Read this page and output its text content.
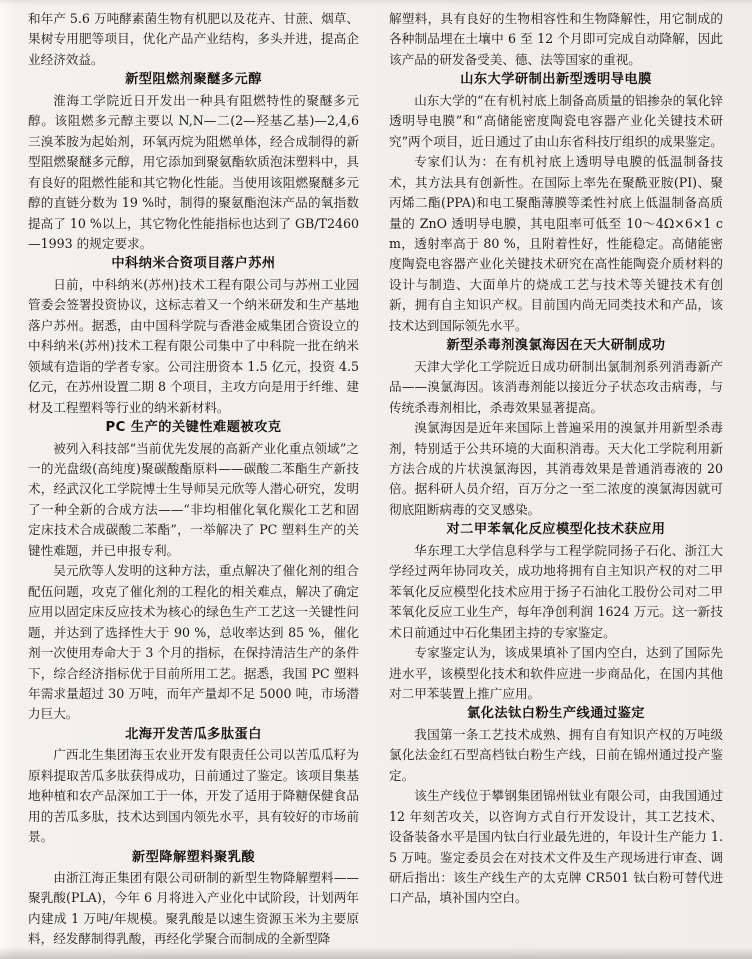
和年产 5.6 万吨酵素菌生物有机肥以及花卉、甘蔗、烟草、果树专用肥等项目，优化产品产业结构，多头并进，提高企业经济效益。

新型阻燃剂聚醚多元醇

淮海工学院近日开发出一种具有阻燃特性的聚醚多元醇。该阻燃多元醇主要以 N,N—二(2—羟基乙基)—2,4,6 三溴苯胺为起始剂，环氧丙烷为阻燃单体，经合成制得的新型阻燃聚醚多元醇，用它添加到聚氨酯软质泡沫塑料中，具有良好的阻燃性能和其它物化性能。当使用该阻燃聚醚多元醇的直链分数为 19 %时，制得的聚氨酯泡沫产品的氧指数提高了 10 %以上，其它物化性能指标也达到了 GB/T2460—1993 的规定要求。

中科纳米合资项目落户苏州

日前，中科纳米(苏州)技术工程有限公司与苏州工业园管委会签署投资协议，这标志着又一个纳米研发和生产基地落户苏州。据悉，由中国科学院与香港金威集团合资设立的中科纳米(苏州)技术工程有限公司集中了中科院一批在纳米领域有造诣的学者专家。公司注册资本 1.5 亿元，投资 4.5 亿元，在苏州设置二期 8 个项目，主攻方向是用于纤维、建材及工程塑料等行业的纳米新材料。

PC 生产的关键性难题被攻克

被列入科技部“当前优先发展的高新产业化重点领域”之一的光盘级(高纯度)聚碳酸酯原料——碳酸二苯酯生产新技术，经武汉化工学院博士生导师吴元欣等人潜心研究，发明了一种全新的合成方法——“非均相催化氧化羰化工艺和固定床技术合成碳酸二苯酯”，一举解决了 PC 塑料生产的关键性难题，并已申报专利。

吴元欣等人发明的这种方法，重点解决了催化剂的组合配伍问题，攻克了催化剂的工程化的相关难点，解决了确定应用以固定床反应技术为核心的绿色生产工艺这一关键性问题，并达到了选择性大于 90 %，总收率达到 85 %，催化剂一次使用寿命大于 3 个月的指标，在保持清洁生产的条件下，综合经济指标优于目前所用工艺。据悉，我国 PC 塑料年需求量超过 30 万吨，而年产量却不足 5000 吨，市场潜力巨大。

北海开发苦瓜多肽蛋白

广西北生集团海玉农业开发有限责任公司以苦瓜瓜籽为原料提取苦瓜多肽获得成功，日前通过了鉴定。该项目集基地种植和农产品深加工于一体，开发了适用于降糖保健食品用的苦瓜多肽，技术达到国内领先水平，具有较好的市场前景。

新型降解塑料聚乳酸

由浙江海正集团有限公司研制的新型生物降解塑料——聚乳酸(PLA)，今年 6 月将进入产业化中试阶段，计划两年内建成 1 万吨/年规模。聚乳酸是以速生资源玉米为主要原料，经发酵制得乳酸，再经化学聚合而制成的全新型降

解塑料，具有良好的生物相容性和生物降解性，用它制成的各种制品埋在土壤中 6 至 12 个月即可完成自动降解，因此该产品的研发备受美、德、法等国家的重视。

山东大学研制出新型透明导电膜

山东大学的“在有机衬底上制备高质量的铝掺杂的氧化锌透明导电膜”和“高储能密度陶瓷电容器产业化关键技术研究”两个项目，近日通过了由山东省科技厅组织的成果鉴定。

专家们认为：在有机衬底上透明导电膜的低温制备技术，其方法具有创新性。在国际上率先在聚酰亚胺(PI)、聚丙烯二酯(PPA)和电工聚酯薄膜等柔性衬底上低温制备高质量的 ZnO 透明导电膜，其电阻率可低至 10～4Ω×6×1 cm，透射率高于 80 %，且附着性好，性能稳定。高储能密度陶瓷电容器产业化关键技术研究在高性能陶瓷介质材料的设计与制造、大面单片的烧成工艺与技术等关键技术有创新，拥有自主知识产权。目前国内尚无同类技术和产品，该技术达到国际领先水平。

新型杀毒剂溴氯海因在天大研制成功

天津大学化工学院近日成功研制出氯制剂系列消毒新产品——溴氯海因。该消毒剂能以接近分子状态攻击病毒，与传统杀毒剂相比，杀毒效果显著提高。

溴氯海因是近年来国际上普遍采用的溴氯并用新型杀毒剂，特别适于公共环境的大面积消毒。天大化工学院利用新方法合成的片状溴氯海因，其消毒效果是普通消毒液的 20 倍。据科研人员介绍，百万分之一至二浓度的溴氯海因就可彻底阻断病毒的交叉感染。

对二甲苯氧化反应模型化技术获应用

华东理工大学信息科学与工程学院同扬子石化、浙江大学经过两年协同攻关，成功地将拥有自主知识产权的对二甲苯氧化反应模型化技术应用于扬子石油化工股份公司对二甲苯氧化反应工业生产，每年净创利润 1624 万元。这一新技术日前通过中石化集团主持的专家鉴定。

专家鉴定认为，该成果填补了国内空白，达到了国际先进水平，该模型化技术和软件应进一步商品化，在国内其他对二甲苯装置上推广应用。

氯化法钛白粉生产线通过鉴定

我国第一条工艺技术成熟、拥有自有知识产权的万吨级氯化法金红石型高档钛白粉生产线，日前在锦州通过投产鉴定。

该生产线位于攀钢集团锦州钛业有限公司，由我国通过 12 年刻苦攻关，以咨询方式自行开发设计，其工艺技术、设备装备水平是国内钛白行业最先进的，年设计生产能力 1.5 万吨。鉴定委员会在对技术文件及生产现场进行审查、调研后指出：该生产线生产的太克牌 CR501 钛白粉可替代进口产品，填补国内空白。
